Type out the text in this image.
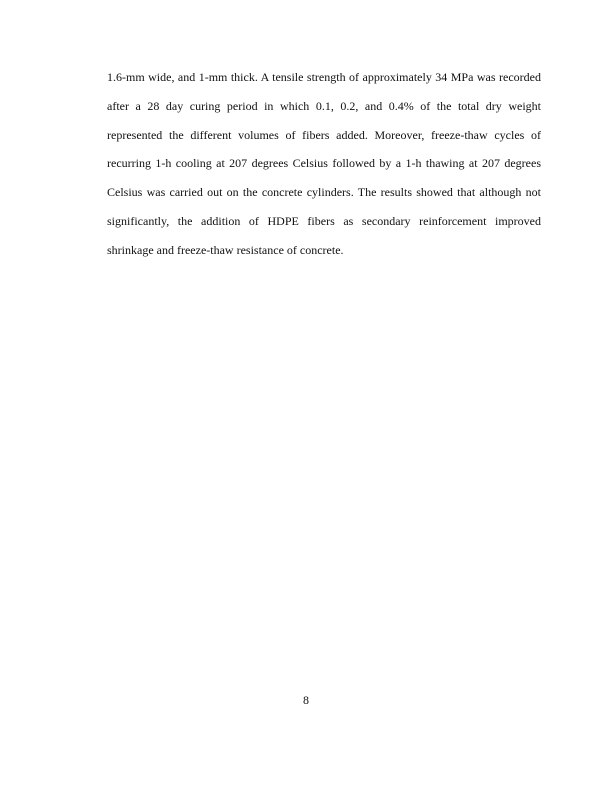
1.6-mm wide, and 1-mm thick. A tensile strength of approximately 34 MPa was recorded
after a 28 day curing period in which 0.1, 0.2, and 0.4% of the total dry weight
represented the different volumes of fibers added. Moreover, freeze-thaw cycles of
recurring 1-h cooling at 207 degrees Celsius followed by a 1-h thawing at 207 degrees
Celsius was carried out on the concrete cylinders. The results showed that although not
significantly, the addition of HDPE fibers as secondary reinforcement improved
shrinkage and freeze-thaw resistance of concrete.
8
